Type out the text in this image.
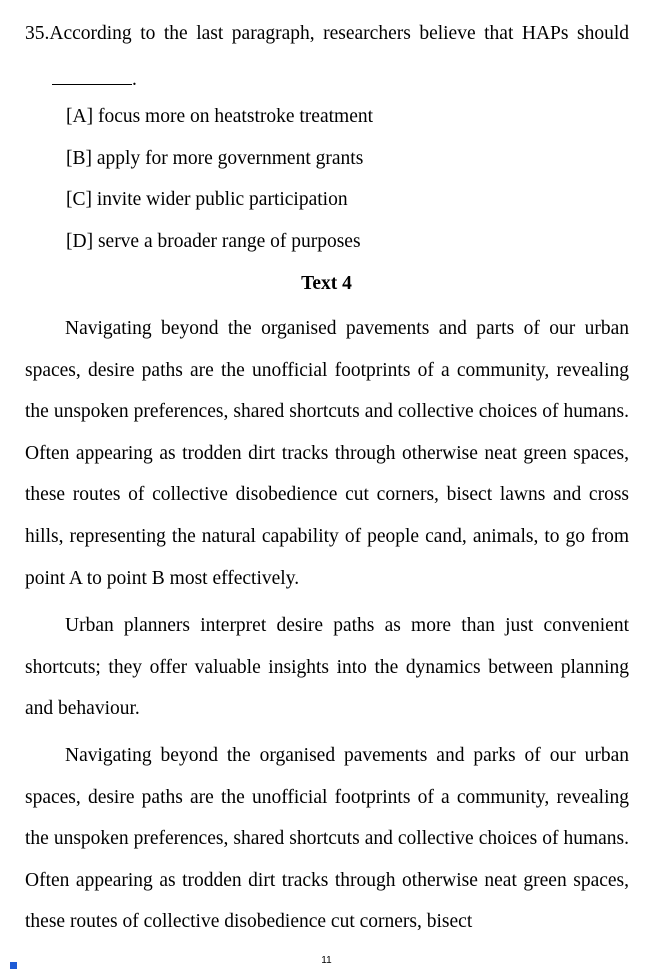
35.According to the last paragraph, researchers believe that HAPs should
.
[A] focus more on heatstroke treatment
[B] apply for more government grants
[C] invite wider public participation
[D] serve a broader range of purposes
Text 4

Navigating beyond the organised pavements and parts of our urban spaces, desire paths are the unofficial footprints of a community, revealing the unspoken preferences, shared shortcuts and collective choices of humans. Often appearing as trodden dirt tracks through otherwise neat green spaces, these routes of collective disobedience cut corners, bisect lawns and cross hills, representing the natural capability of people cand, animals, to go from point A to point B most effectively.

Urban planners interpret desire paths as more than just convenient shortcuts; they offer valuable insights into the dynamics between planning and behaviour.

Navigating beyond the organised pavements and parks of our urban spaces, desire paths are the unofficial footprints of a community, revealing the unspoken preferences, shared shortcuts and collective choices of humans. Often appearing as trodden dirt tracks through otherwise neat green spaces, these routes of collective disobedience cut corners, bisect

11
